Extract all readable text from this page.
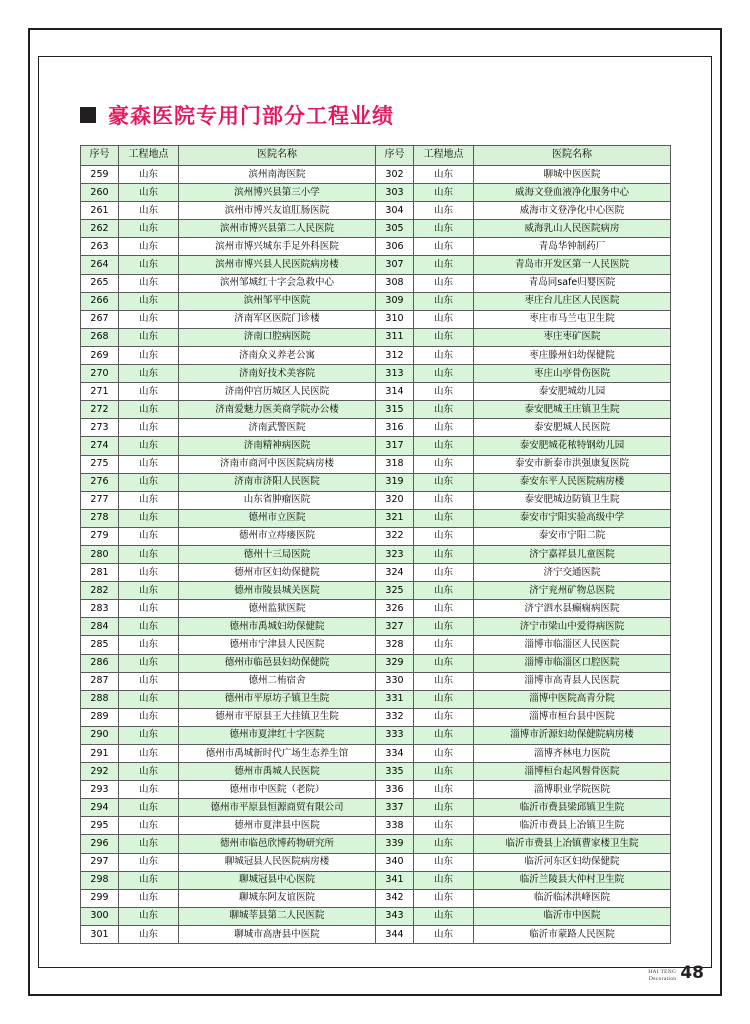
豪森医院专用门部分工程业绩
序号	工程地点	医院名称	序号	工程地点	医院名称
259	山东	滨州南海医院	302	山东	聊城中医医院
260	山东	滨州博兴县第三小学	303	山东	威海文登血液净化服务中心
261	山东	滨州市博兴友谊肛肠医院	304	山东	威海市文登净化中心医院
262	山东	滨州市博兴县第二人民医院	305	山东	威海乳山人民医院病房
263	山东	滨州市博兴城东手足外科医院	306	山东	青岛华钟制药厂
264	山东	滨州市博兴县人民医院病房楼	307	山东	青岛市开发区第一人民医院
265	山东	滨州邹城红十字会急救中心	308	山东	青岛同safe归婴医院
266	山东	滨州邹平中医院	309	山东	枣庄台儿庄区人民医院
267	山东	济南军区医院门诊楼	310	山东	枣庄市马兰屯卫生院
268	山东	济南口腔病医院	311	山东	枣庄枣矿医院
269	山东	济南众义养老公寓	312	山东	枣庄滕州妇幼保健院
270	山东	济南好技术美容院	313	山东	枣庄山亭骨伤医院
271	山东	济南仲宫历城区人民医院	314	山东	泰安肥城幼儿园
272	山东	济南爱魅力医美商学院办公楼	315	山东	泰安肥城王庄镇卫生院
273	山东	济南武警医院	316	山东	泰安肥城人民医院
274	山东	济南精神病医院	317	山东	泰安肥城花秾特钢幼儿园
275	山东	济南市商河中医医院病房楼	318	山东	泰安市新泰市洪强康复医院
276	山东	济南市济阳人民医院	319	山东	泰安东平人民医院病房楼
277	山东	山东省肿瘤医院	320	山东	泰安肥城边防镇卫生院
278	山东	德州市立医院	321	山东	泰安市宁阳实验高级中学
279	山东	德州市立痔瘘医院	322	山东	泰安市宁阳二院
280	山东	德州十三局医院	323	山东	济宁嘉祥县儿童医院
281	山东	德州市区妇幼保健院	324	山东	济宁交通医院
282	山东	德州市陵县城关医院	325	山东	济宁兖州矿物总医院
283	山东	德州监狱医院	326	山东	济宁泗水县癫痫病医院
284	山东	德州市禹城妇幼保健院	327	山东	济宁市梁山中爱得病医院
285	山东	德州市宁津县人民医院	328	山东	淄博市临淄区人民医院
286	山东	德州市临邑县妇幼保健院	329	山东	淄博市临淄区口腔医院
287	山东	德州二栯宿舍	330	山东	淄博市高青县人民医院
288	山东	德州市平原坊子镇卫生院	331	山东	淄博中医院高青分院
289	山东	德州市平原县王大挂镇卫生院	332	山东	淄博市桓台县中医院
290	山东	德州市夏津红十字医院	333	山东	淄博市沂源妇幼保健院病房楼
291	山东	德州市禹城新时代广场生态养生馆	334	山东	淄博齐林电力医院
292	山东	德州市禹城人民医院	335	山东	淄博桓台起风髫骨医院
293	山东	德州市中医院（老院）	336	山东	淄博职业学院医院
294	山东	德州市平原县恒源商贸有限公司	337	山东	临沂市费县梁邱镇卫生院
295	山东	德州市夏津县中医院	338	山东	临沂市费县上冶镇卫生院
296	山东	德州市临邑欣博药物研究所	339	山东	临沂市费县上冶镇曹家楼卫生院
297	山东	聊城冠县人民医院病房楼	340	山东	临沂河东区妇幼保健院
298	山东	聊城冠县中心医院	341	山东	临沂兰陵县大仲村卫生院
299	山东	聊城东阿友谊医院	342	山东	临沂临沭洪峰医院
300	山东	聊城莘县第二人民医院	343	山东	临沂市中医院
301	山东	聊城市高唐县中医院	344	山东	临沂市蒙路人民医院
HAI TENG
Decoration 48
